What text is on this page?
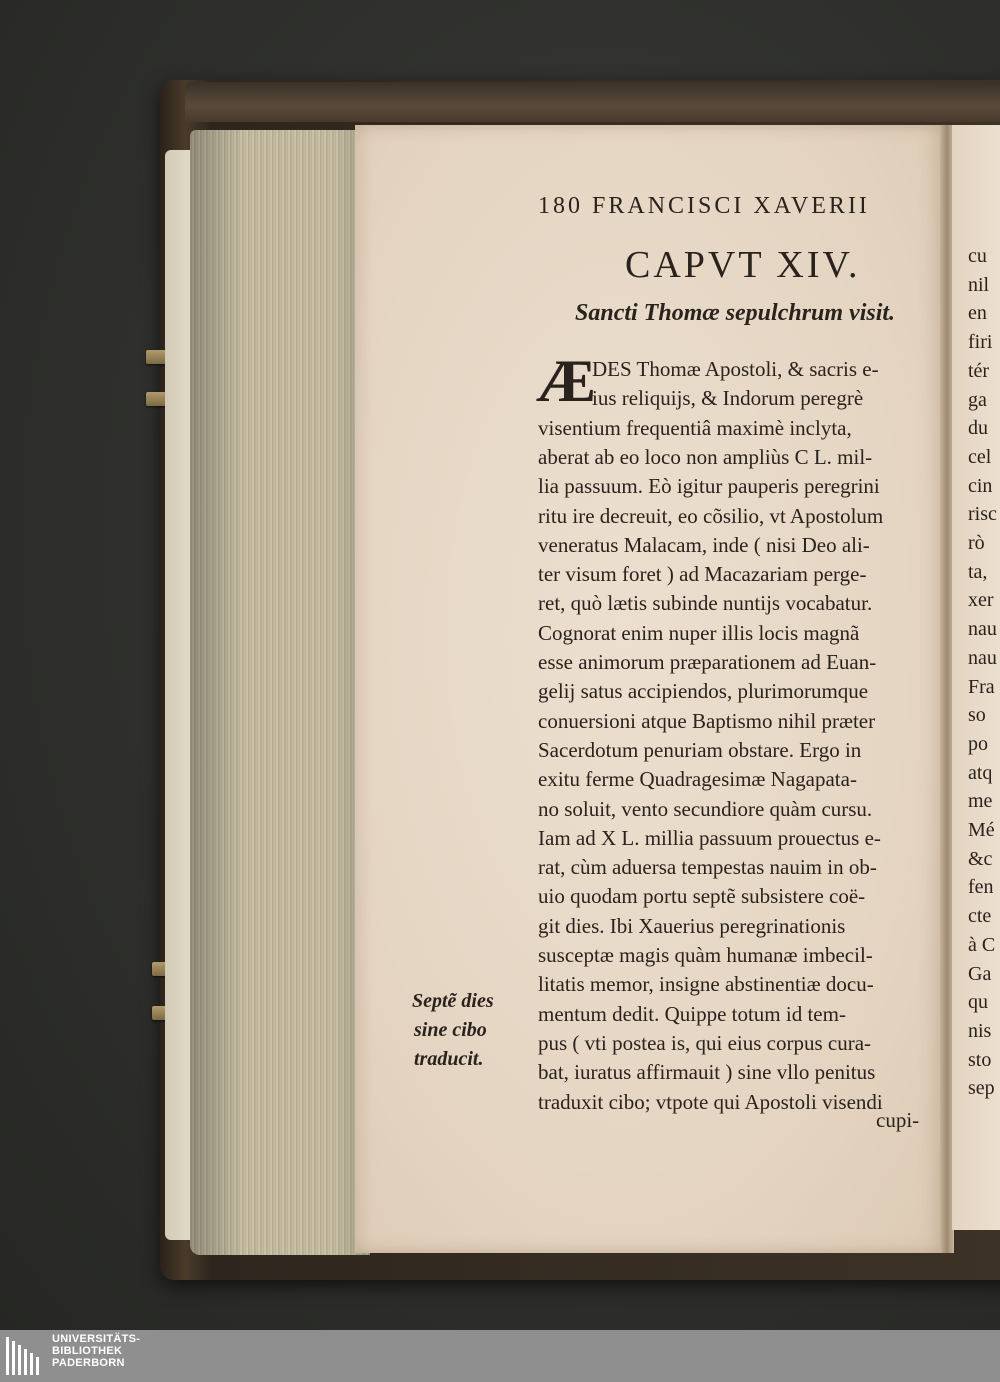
180 FRANCISCI XAVERII
CAPVT XIV.
Sancti Thomæ sepulchrum visit.
Æ
DES Thomæ Apostoli, & sacris e-
ius reliquijs, & Indorum peregrè
visentium frequentiâ maximè inclyta,
aberat ab eo loco non ampliùs C L. mil-
lia passuum. Eò igitur pauperis peregrini
ritu ire decreuit, eo cõsilio, vt Apostolum
veneratus Malacam, inde ( nisi Deo ali-
ter visum foret ) ad Macazariam perge-
ret, quò lætis subinde nuntijs vocabatur.
Cognorat enim nuper illis locis magnã
esse animorum præparationem ad Euan-
gelij satus accipiendos, plurimorumque
conuersioni atque Baptismo nihil præter
Sacerdotum penuriam obstare. Ergo in
exitu ferme Quadragesimæ Nagapata-
no soluit, vento secundiore quàm cursu.
Iam ad X L. millia passuum prouectus e-
rat, cùm aduersa tempestas nauim in ob-
uio quodam portu septẽ subsistere coë-
git dies. Ibi Xauerius peregrinationis
susceptæ magis quàm humanæ imbecil-
litatis memor, insigne abstinentiæ docu-
mentum dedit. Quippe totum id tem-
pus ( vti postea is, qui eius corpus cura-
bat, iuratus affirmauit ) sine vllo penitus
traduxit cibo; vtpote qui Apostoli visendi
cupi-
Septẽ dies
sine cibo
traducit.
cu
nil
en
firi
tér
ga
du
cel
cin
risc
rò
ta,
xer
nau
nau
Fra
so
po
atq
me
Mé
&c
fen
cte
à C
Ga
qu
nis
sto
sep
UNIVERSITÄTS-
BIBLIOTHEK
PADERBORN
